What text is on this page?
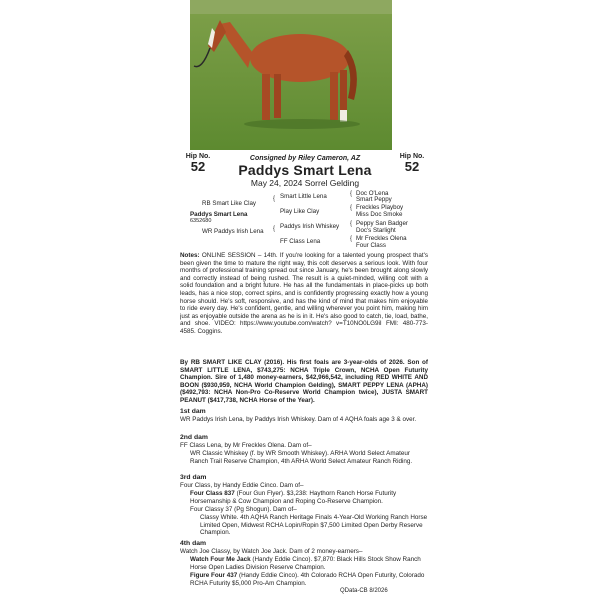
Hip No.
52
Hip No.
52
Consigned by Riley Cameron, AZ
Paddys Smart Lena
May 24, 2024 Sorrel Gelding
RB Smart Like Clay
Smart Little Lena
Play Like Clay
Doc O'Lena
Smart Peppy
Freckles Playboy
Miss Doc Smoke
Paddys Smart Lena
6352680
WR Paddys Irish Lena
Paddys Irish Whiskey
FF Class Lena
Peppy San Badger
Doc's Starlight
Mr Freckles Olena
Four Class
{
{
{
{
{
{
Notes: ONLINE SESSION – 14th. If you're looking for a talented young prospect that's been given the time to mature the right way, this colt deserves a serious look. With four months of professional training spread out since January, he's been brought along slowly and correctly instead of being rushed. The result is a quiet-minded, willing colt with a solid foundation and a bright future. He has all the fundamentals in place-picks up both leads, has a nice stop, correct spins, and is confidently progressing exactly how a young horse should. He's soft, responsive, and has the kind of mind that makes him enjoyable to ride every day. He's confident, gentle, and willing wherever you point him, making him just as enjoyable outside the arena as he is in it. He's also good to catch, tie, load, bathe, and shoe. VIDEO: https://www.youtube.com/watch? v=T10NO0LG9iI FMI: 480-773-4585. Coggins.
By RB SMART LIKE CLAY (2016). His first foals are 3-year-olds of 2026. Son of SMART LITTLE LENA, $743,275: NCHA Triple Crown, NCHA Open Futurity Champion. Sire of 1,480 money-earners, $42,966,542, including RED WHITE AND BOON ($930,959, NCHA World Champion Gelding), SMART PEPPY LENA (APHA) ($492,793: NCHA Non-Pro Co-Reserve World Champion twice), JUSTA SMART PEANUT ($417,738, NCHA Horse of the Year).
1st dam
WR Paddys Irish Lena, by Paddys Irish Whiskey. Dam of 4 AQHA foals age 3 & over.
2nd dam
FF Class Lena, by Mr Freckles Olena. Dam of–
WR Classic Whiskey (f. by WR Smooth Whiskey). ARHA World Select Amateur Ranch Trail Reserve Champion, 4th ARHA World Select Amateur Ranch Riding.
3rd dam
Four Class, by Handy Eddie Cinco. Dam of–
Four Class 837 (Four Gun Flyer). $3,238: Haythorn Ranch Horse Futurity Horsemanship & Cow Champion and Roping Co-Reserve Champion.
Four Classy 37 (Pg Shogun). Dam of–
Classy White. 4th AQHA Ranch Heritage Finals 4-Year-Old Working Ranch Horse Limited Open, Midwest RCHA Lopin/Ropin $7,500 Limited Open Derby Reserve Champion.
4th dam
Watch Joe Classy, by Watch Joe Jack. Dam of 2 money-earners–
Watch Four Me Jack (Handy Eddie Cinco). $7,870: Black Hills Stock Show Ranch Horse Open Ladies Division Reserve Champion.
Figure Four 437 (Handy Eddie Cinco). 4th Colorado RCHA Open Futurity, Colorado RCHA Futurity $5,000 Pro-Am Champion.
QData-CB 8/2026
